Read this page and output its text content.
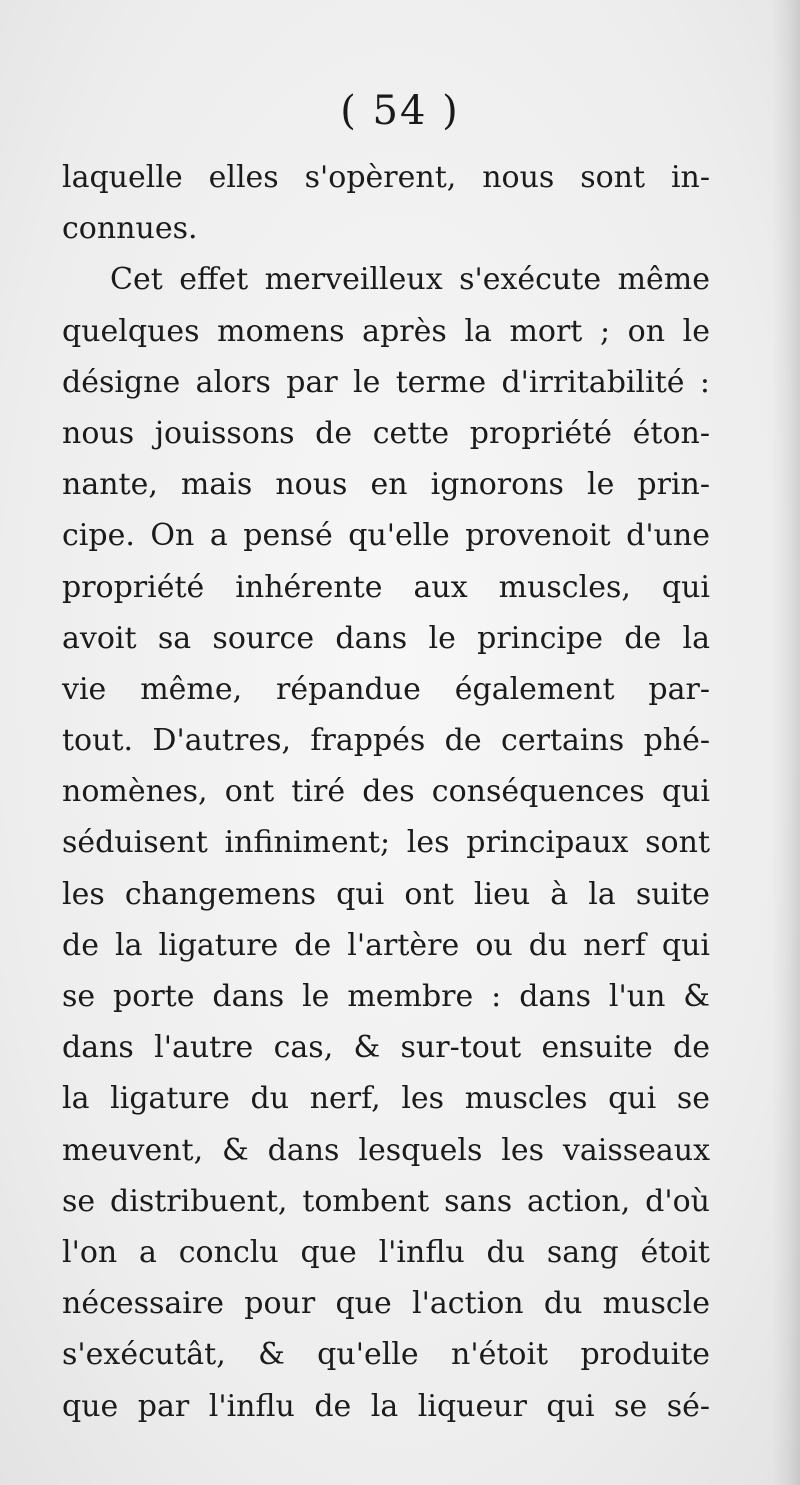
( 54 )
laquelle elles s'opèrent, nous sont in-
connues.
Cet effet merveilleux s'exécute même
quelques momens après la mort ; on le
désigne alors par le terme d'irritabilité :
nous jouissons de cette propriété éton-
nante, mais nous en ignorons le prin-
cipe. On a pensé qu'elle provenoit d'une
propriété inhérente aux muscles, qui
avoit sa source dans le principe de la
vie même, répandue également par-
tout. D'autres, frappés de certains phé-
nomènes, ont tiré des conséquences qui
séduisent infiniment; les principaux sont
les changemens qui ont lieu à la suite
de la ligature de l'artère ou du nerf qui
se porte dans le membre : dans l'un &
dans l'autre cas, & sur-tout ensuite de
la ligature du nerf, les muscles qui se
meuvent, & dans lesquels les vaisseaux
se distribuent, tombent sans action, d'où
l'on a conclu que l'influ du sang étoit
nécessaire pour que l'action du muscle
s'exécutât, & qu'elle n'étoit produite
que par l'influ de la liqueur qui se sé-
